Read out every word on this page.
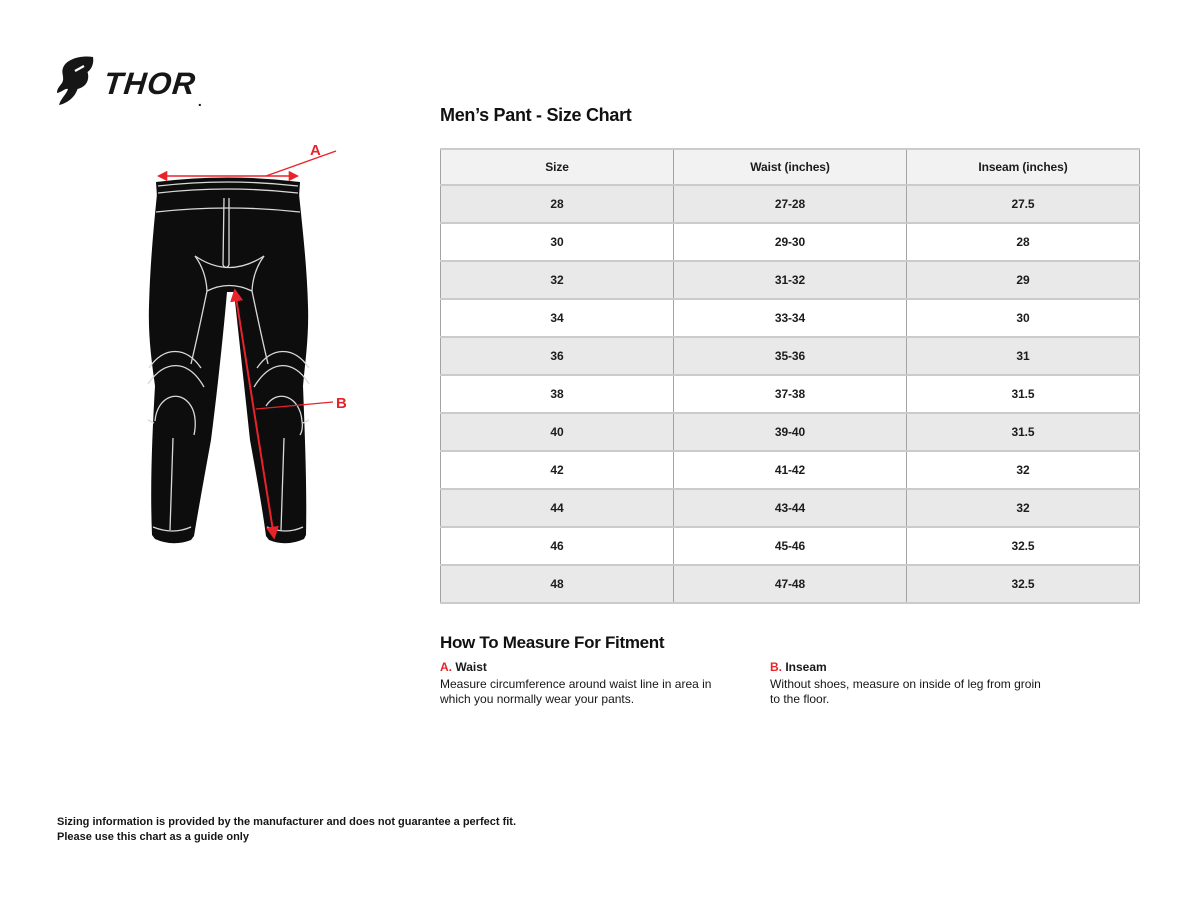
THOR .
A
B
Men’s Pant - Size Chart
Size	Waist (inches)	Inseam (inches)
28	27-28	27.5
30	29-30	28
32	31-32	29
34	33-34	30
36	35-36	31
38	37-38	31.5
40	39-40	31.5
42	41-42	32
44	43-44	32
46	45-46	32.5
48	47-48	32.5
How To Measure For Fitment
A. Waist
Measure circumference around waist line in area in which you normally wear your pants.
B. Inseam
Without shoes, measure on inside of leg from groin to the floor.
Sizing information is provided by the manufacturer and does not guarantee a perfect fit.
Please use this chart as a guide only
